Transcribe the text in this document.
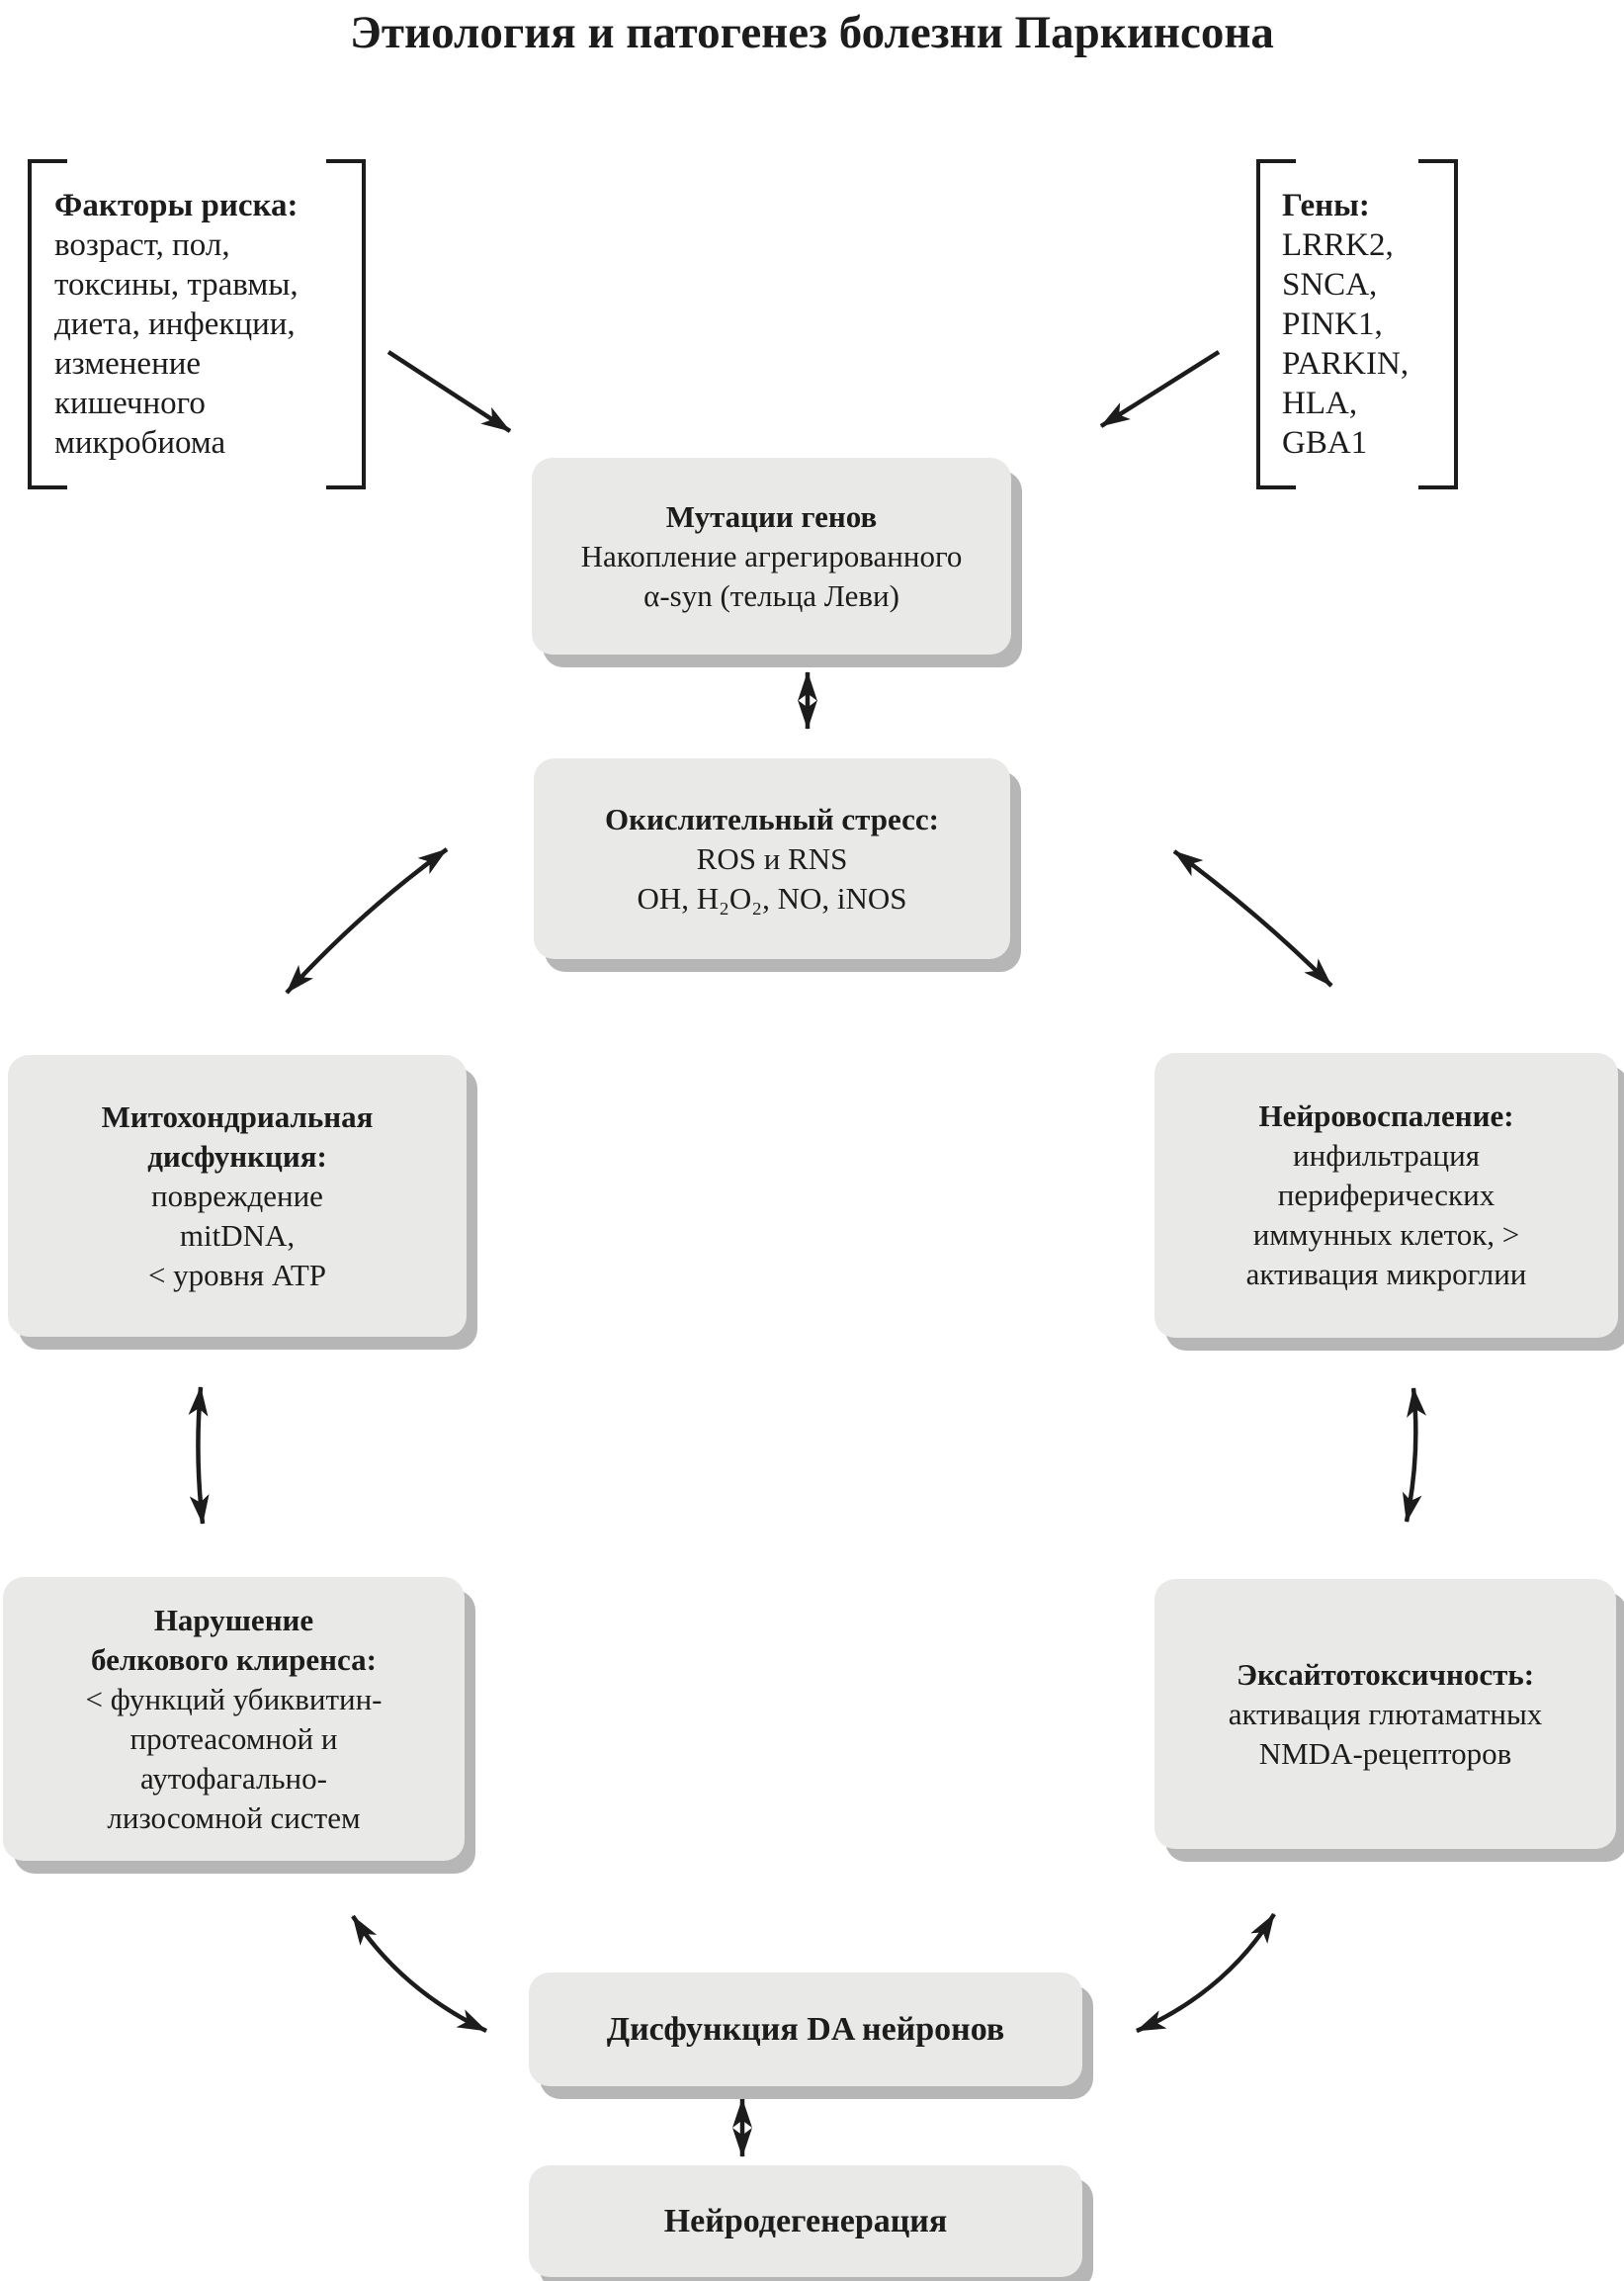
Этиология и патогенез болезни Паркинсона
Факторы риска:
возраст, пол,
токсины, травмы,
диета, инфекции,
изменение
кишечного
микробиома
Гены:
LRRK2,
SNCA,
PINK1,
PARKIN,
HLA,
GBA1
Мутации генов
Накопление агрегированного
α-syn (тельца Леви)
Окислительный стресс:
ROS и RNS
OH, H₂O₂, NO, iNOS
Митохондриальная
дисфункция:
повреждение
mitDNA,
< уровня ATP
Нейровоспаление:
инфильтрация
периферических
иммунных клеток, >
активация микроглии
Нарушение
белкового клиренса:
< функций убиквитин-
протеасомной и
аутофагально-
лизосомной систем
Эксайтотоксичность:
активация глютаматных
NMDA-рецепторов
Дисфункция DA нейронов
Нейродегенерация
